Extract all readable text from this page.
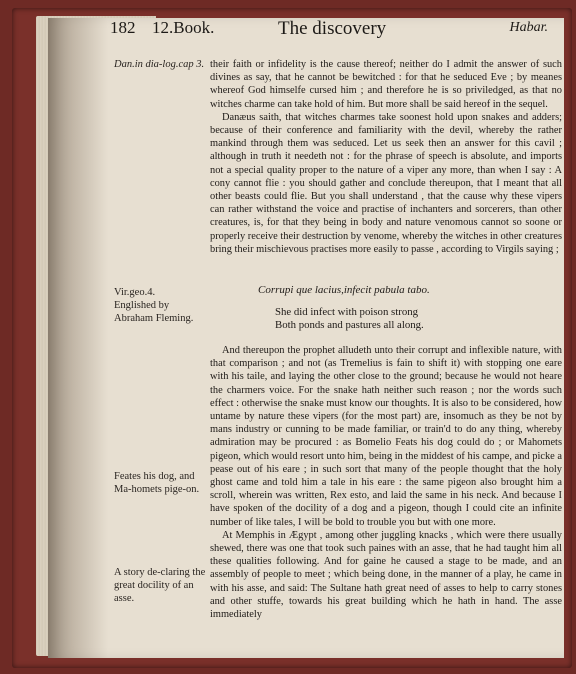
182 12.Book.	The discovery	Habar.
Dan.in dia-log.cap 3.
Vir.geo.4.
Englished by Abraham Fleming.
Feates his dog, and Ma-homets pige-on.
A story de-claring the great docility of an asse.

their faith or infidelity is the cause thereof; neither do I admit the answer of such divines as say, that he cannot be bewitched : for that he seduced Eve ; by meanes whereof God himselfe cursed him ; and therefore he is so priviledged, as that no witches charme can take hold of him. But more shall be said hereof in the sequel.

Danæus saith, that witches charmes take soonest hold upon snakes and adders; because of their conference and familiarity with the devil, whereby the rather mankind through them was seduced. Let us seek then an answer for this cavil ; although in truth it needeth not : for the phrase of speech is absolute, and imports not a special quality proper to the nature of a viper any more, than when I say : A cony cannot flie : you should gather and conclude thereupon, that I meant that all other beasts could flie. But you shall understand , that the cause why these vipers can rather withstand the voice and practise of inchanters and sorcerers, than other creatures, is, for that they being in body and nature venomous cannot so soone or properly receive their destruction by venome, whereby the witches in other creatures bring their mischievous practises more easily to passe , according to Virgils saying ;

Corrupi que lacius,infecit pabula tabo.
She did infect with poison strong
Both ponds and pastures all along.

And thereupon the prophet alludeth unto their corrupt and inflexible nature, with that comparison ; and not (as Tremelius is fain to shift it) with stopping one eare with his taile, and laying the other close to the ground; because he would not heare the charmers voice. For the snake hath neither such reason ; nor the words such effect : otherwise the snake must know our thoughts. It is also to be considered, how untame by nature these vipers (for the most part) are, insomuch as they be not by mans industry or cunning to be made familiar, or train'd to do any thing, whereby admiration may be procured : as Bomelio Feats his dog could do ; or Mahomets pigeon, which would resort unto him, being in the middest of his campe, and picke a pease out of his eare ; in such sort that many of the people thought that the holy ghost came and told him a tale in his eare : the same pigeon also brought him a scroll, wherein was written, Rex esto, and laid the same in his neck. And because I have spoken of the docility of a dog and a pigeon, though I could cite an infinite number of like tales, I will be bold to trouble you but with one more.

At Memphis in Ægypt , among other juggling knacks , which were there usually shewed, there was one that took such paines with an asse, that he had taught him all these qualities following. And for gaine he caused a stage to be made, and an assembly of people to meet ; which being done, in the manner of a play, he came in with his asse, and said: The Sultane hath great need of asses to help to carry stones and other stuffe, towards his great building which he hath in hand. The asse immediately
